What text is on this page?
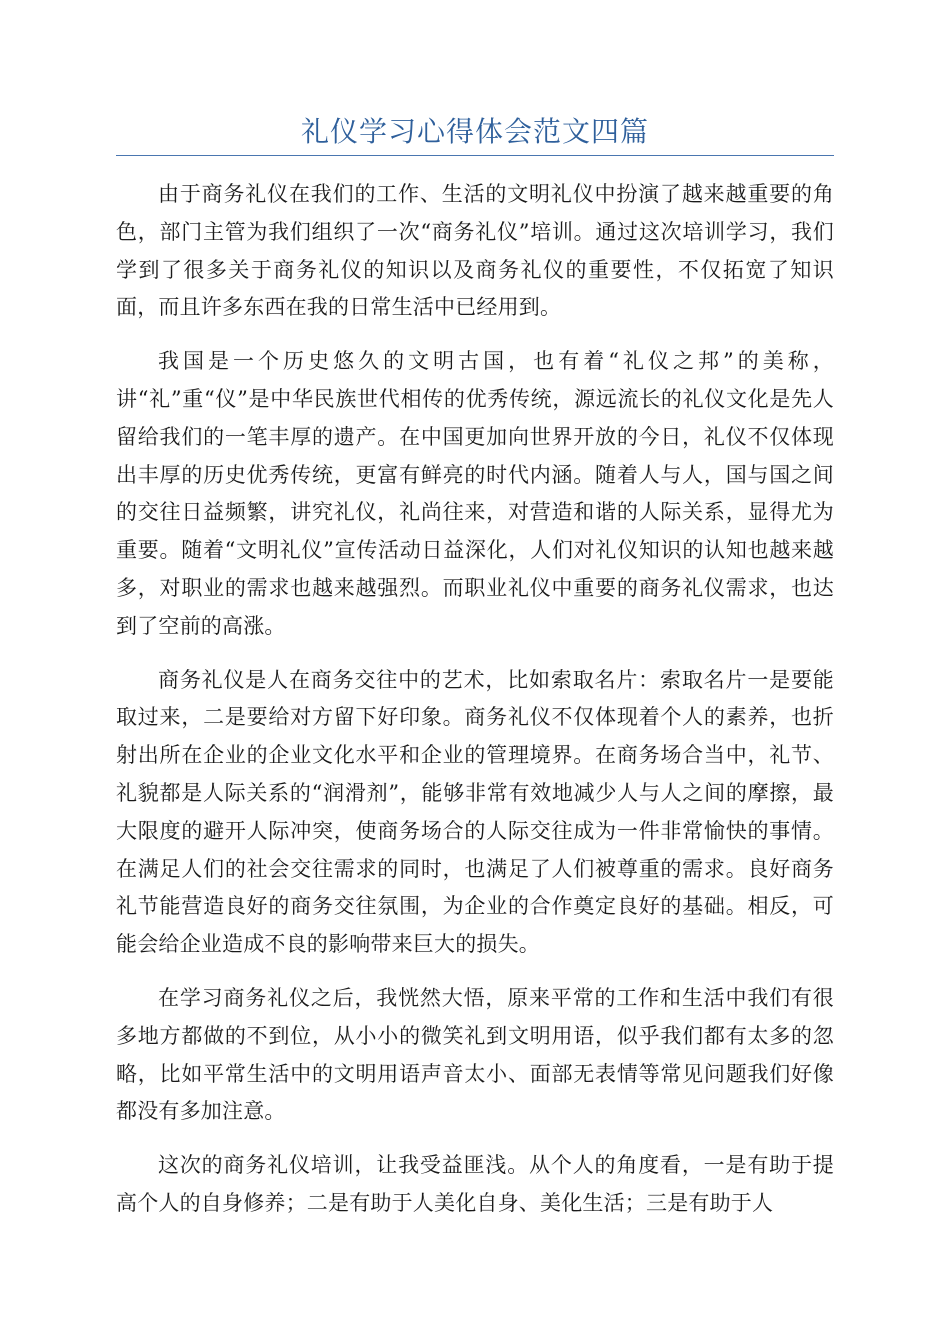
礼仪学习心得体会范文四篇

由于商务礼仪在我们的工作、生活的文明礼仪中扮演了越来越重要的角色，部门主管为我们组织了一次“商务礼仪”培训。通过这次培训学习，我们学到了很多关于商务礼仪的知识以及商务礼仪的重要性，不仅拓宽了知识面，而且许多东西在我的日常生活中已经用到。

我国是一个历史悠久的文明古国，也有着“礼仪之邦”的美称，讲“礼”重“仪”是中华民族世代相传的优秀传统，源远流长的礼仪文化是先人留给我们的一笔丰厚的遗产。在中国更加向世界开放的今日，礼仪不仅体现出丰厚的历史优秀传统，更富有鲜亮的时代内涵。随着人与人，国与国之间的交往日益频繁，讲究礼仪，礼尚往来，对营造和谐的人际关系，显得尤为重要。随着“文明礼仪”宣传活动日益深化，人们对礼仪知识的认知也越来越多，对职业的需求也越来越强烈。而职业礼仪中重要的商务礼仪需求，也达到了空前的高涨。

商务礼仪是人在商务交往中的艺术，比如索取名片：索取名片一是要能取过来，二是要给对方留下好印象。商务礼仪不仅体现着个人的素养，也折射出所在企业的企业文化水平和企业的管理境界。在商务场合当中，礼节、礼貌都是人际关系的“润滑剂”，能够非常有效地减少人与人之间的摩擦，最大限度的避开人际冲突，使商务场合的人际交往成为一件非常愉快的事情。在满足人们的社会交往需求的同时，也满足了人们被尊重的需求。良好商务礼节能营造良好的商务交往氛围，为企业的合作奠定良好的基础。相反，可能会给企业造成不良的影响带来巨大的损失。

在学习商务礼仪之后，我恍然大悟，原来平常的工作和生活中我们有很多地方都做的不到位，从小小的微笑礼到文明用语，似乎我们都有太多的忽略，比如平常生活中的文明用语声音太小、面部无表情等常见问题我们好像都没有多加注意。

这次的商务礼仪培训，让我受益匪浅。从个人的角度看，一是有助于提高个人的自身修养；二是有助于人美化自身、美化生活；三是有助于人
